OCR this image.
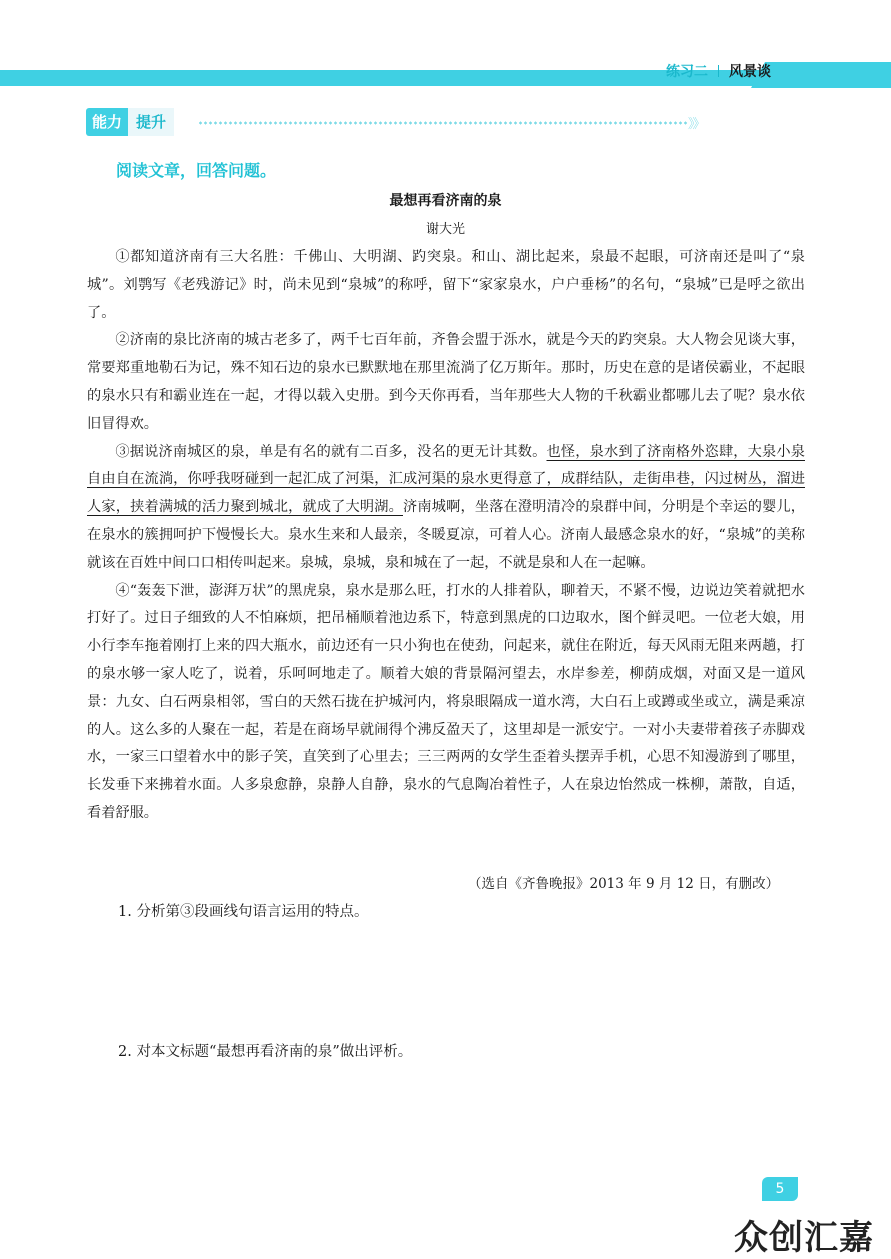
练习二 风景谈
能力 提升	》》
阅读文章，回答问题。
最想再看济南的泉
谢大光

①都知道济南有三大名胜：千佛山、大明湖、趵突泉。和山、湖比起来，泉最不起眼，可济南还是叫了“泉城”。刘鹗写《老残游记》时，尚未见到“泉城”的称呼，留下“家家泉水，户户垂杨”的名句，“泉城”已是呼之欲出了。

②济南的泉比济南的城古老多了，两千七百年前，齐鲁会盟于泺水，就是今天的趵突泉。大人物会见谈大事，常要郑重地勒石为记，殊不知石边的泉水已默默地在那里流淌了亿万斯年。那时，历史在意的是诸侯霸业，不起眼的泉水只有和霸业连在一起，才得以载入史册。到今天你再看，当年那些大人物的千秋霸业都哪儿去了呢？泉水依旧冒得欢。

③据说济南城区的泉，单是有名的就有二百多，没名的更无计其数。也怪，泉水到了济南格外恣肆，大泉小泉自由自在流淌，你呼我呀碰到一起汇成了河渠，汇成河渠的泉水更得意了，成群结队，走街串巷，闪过树丛，溜进人家，挟着满城的活力聚到城北，就成了大明湖。济南城啊，坐落在澄明清冷的泉群中间，分明是个幸运的婴儿，在泉水的簇拥呵护下慢慢长大。泉水生来和人最亲，冬暖夏凉，可着人心。济南人最感念泉水的好，“泉城”的美称就该在百姓中间口口相传叫起来。泉城，泉城，泉和城在了一起，不就是泉和人在一起嘛。

④“轰轰下泄，澎湃万状”的黑虎泉，泉水是那么旺，打水的人排着队，聊着天，不紧不慢，边说边笑着就把水打好了。过日子细致的人不怕麻烦，把吊桶顺着池边系下，特意到黑虎的口边取水，图个鲜灵吧。一位老大娘，用小行李车拖着刚打上来的四大瓶水，前边还有一只小狗也在使劲，问起来，就住在附近，每天风雨无阻来两趟，打的泉水够一家人吃了，说着，乐呵呵地走了。顺着大娘的背景隔河望去，水岸参差，柳荫成烟，对面又是一道风景：九女、白石两泉相邻，雪白的天然石拢在护城河内，将泉眼隔成一道水湾，大白石上或蹲或坐或立，满是乘凉的人。这么多的人聚在一起，若是在商场早就闹得个沸反盈天了，这里却是一派安宁。一对小夫妻带着孩子赤脚戏水，一家三口望着水中的影子笑，直笑到了心里去；三三两两的女学生歪着头摆弄手机，心思不知漫游到了哪里，长发垂下来拂着水面。人多泉愈静，泉静人自静，泉水的气息陶冶着性子，人在泉边怡然成一株柳，萧散，自适，看着舒服。

（选自《齐鲁晚报》2013 年 9 月 12 日，有删改）
1. 分析第③段画线句语言运用的特点。
2. 对本文标题“最想再看济南的泉”做出评析。
5
众创汇嘉
